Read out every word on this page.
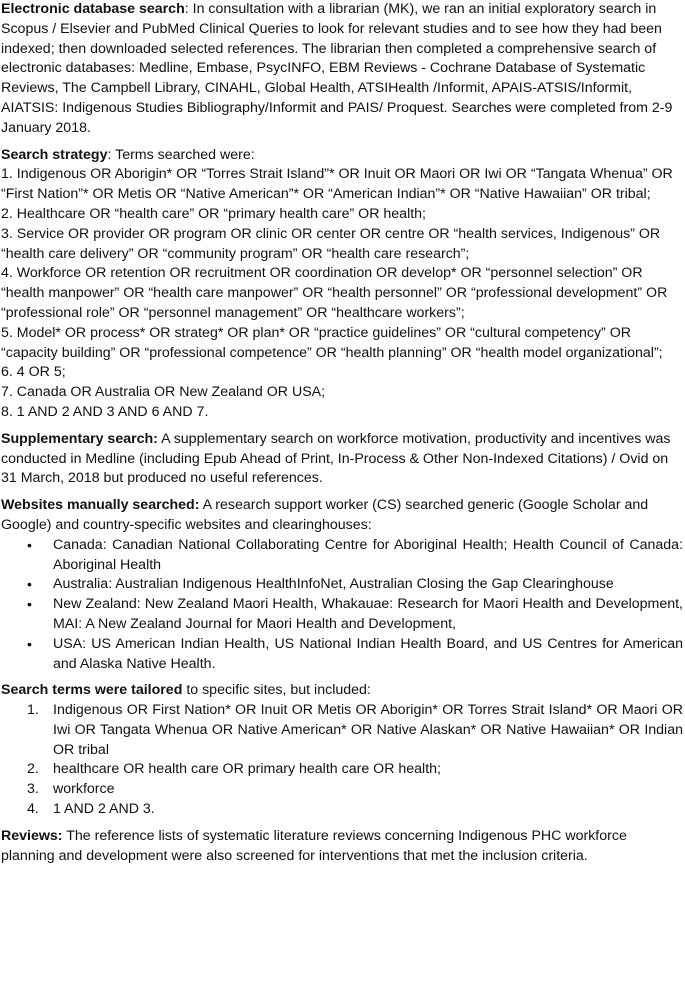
Electronic database search: In consultation with a librarian (MK), we ran an initial exploratory search in Scopus / Elsevier and PubMed Clinical Queries to look for relevant studies and to see how they had been indexed; then downloaded selected references. The librarian then completed a comprehensive search of electronic databases: Medline, Embase, PsycINFO, EBM Reviews - Cochrane Database of Systematic Reviews, The Campbell Library, CINAHL, Global Health, ATSIHealth /Informit, APAIS-ATSIS/Informit, AIATSIS: Indigenous Studies Bibliography/Informit and PAIS/ Proquest. Searches were completed from 2-9 January 2018.

Search strategy: Terms searched were:
1. Indigenous OR Aborigin* OR “Torres Strait Island”* OR Inuit OR Maori OR Iwi OR “Tangata Whenua” OR “First Nation”* OR Metis OR “Native American”* OR “American Indian”* OR “Native Hawaiian” OR tribal;
2. Healthcare OR “health care” OR “primary health care” OR health;
3. Service OR provider OR program OR clinic OR center OR centre OR “health services, Indigenous” OR “health care delivery” OR “community program” OR “health care research”;
4. Workforce OR retention OR recruitment OR coordination OR develop* OR “personnel selection” OR “health manpower” OR “health care manpower” OR “health personnel” OR “professional development” OR “professional role” OR “personnel management” OR “healthcare workers”;
5. Model* OR process* OR strateg* OR plan* OR “practice guidelines” OR “cultural competency” OR “capacity building” OR “professional competence” OR “health planning” OR “health model organizational”;
6. 4 OR 5;
7. Canada OR Australia OR New Zealand OR USA;
8. 1 AND 2 AND 3 AND 6 AND 7.

Supplementary search: A supplementary search on workforce motivation, productivity and incentives was conducted in Medline (including Epub Ahead of Print, In-Process & Other Non-Indexed Citations) / Ovid on 31 March, 2018 but produced no useful references.

Websites manually searched: A research support worker (CS) searched generic (Google Scholar and Google) and country-specific websites and clearinghouses:

• Canada: Canadian National Collaborating Centre for Aboriginal Health; Health Council of Canada: Aboriginal Health
• Australia: Australian Indigenous HealthInfoNet, Australian Closing the Gap Clearinghouse
• New Zealand: New Zealand Maori Health, Whakauae: Research for Maori Health and Development, MAI: A New Zealand Journal for Maori Health and Development,
• USA: US American Indian Health, US National Indian Health Board, and US Centres for American and Alaska Native Health.

Search terms were tailored to specific sites, but included:

1. Indigenous OR First Nation* OR Inuit OR Metis OR Aborigin* OR Torres Strait Island* OR Maori OR Iwi OR Tangata Whenua OR Native American* OR Native Alaskan* OR Native Hawaiian* OR Indian OR tribal
2. healthcare OR health care OR primary health care OR health;
3. workforce
4. 1 AND 2 AND 3.

Reviews: The reference lists of systematic literature reviews concerning Indigenous PHC workforce planning and development were also screened for interventions that met the inclusion criteria.
